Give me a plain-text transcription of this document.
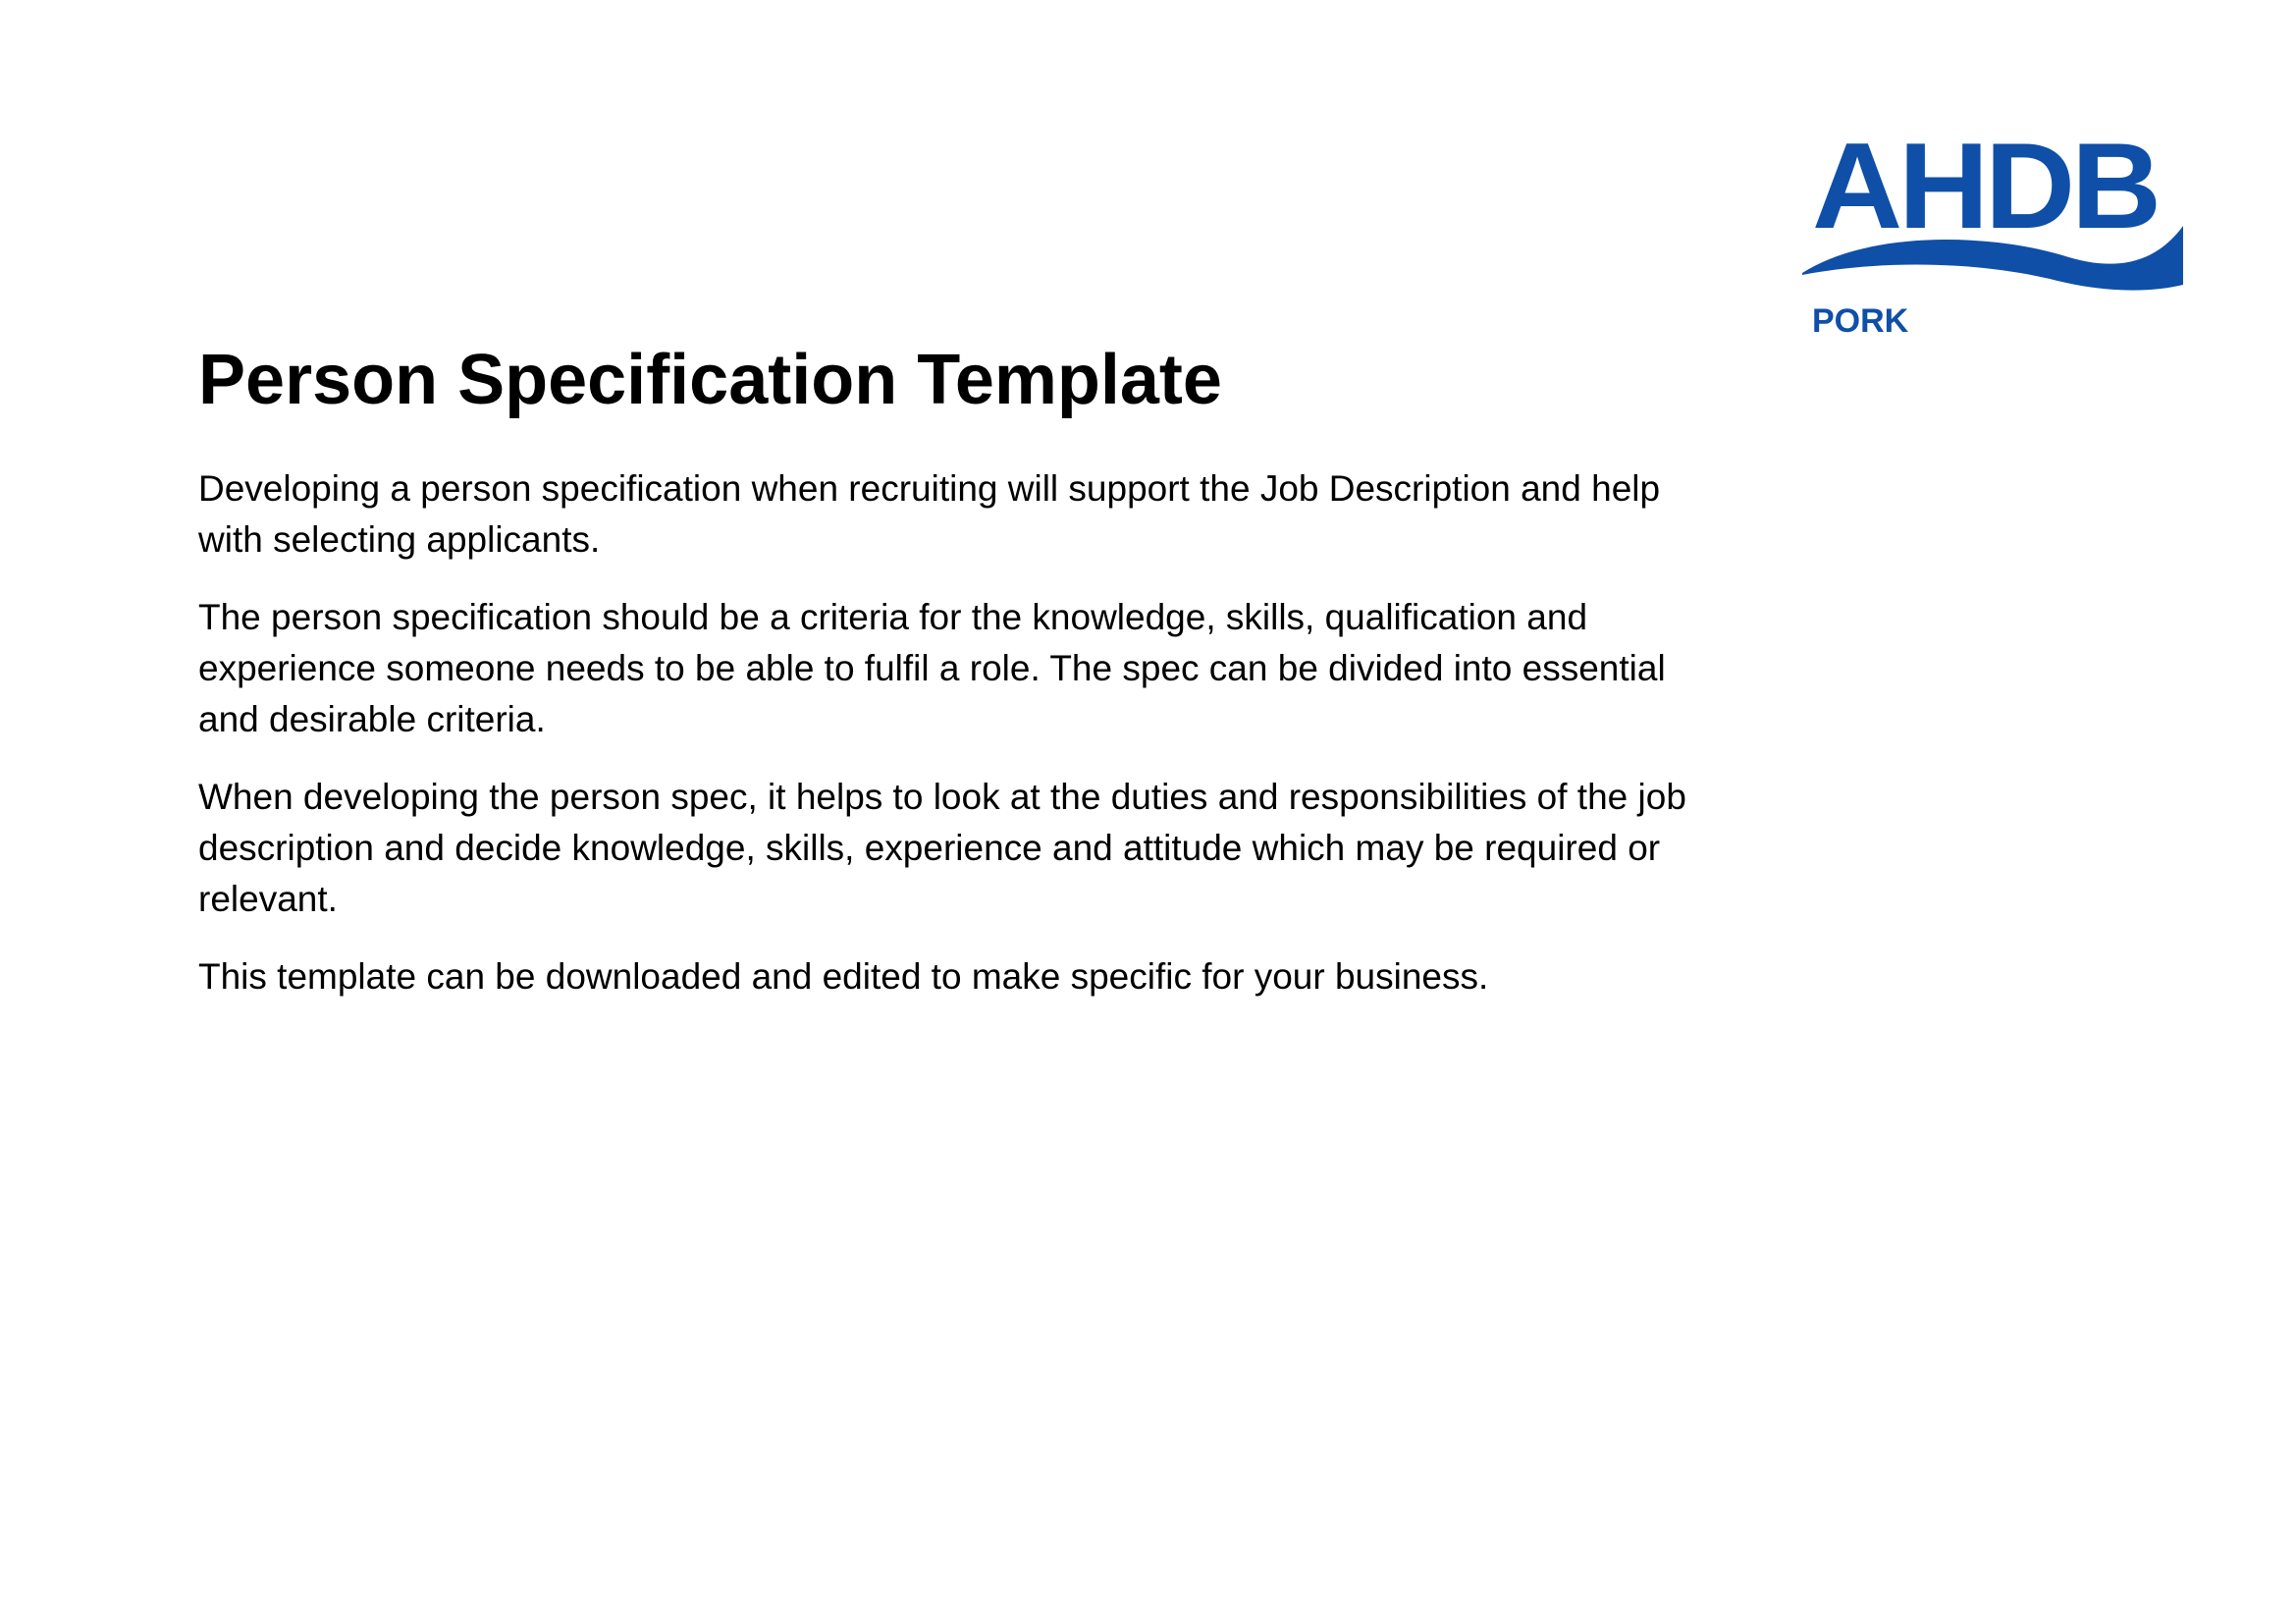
AHDB
PORK
Person Specification Template

Developing a person specification when recruiting will support the Job Description and help with selecting applicants.

The person specification should be a criteria for the knowledge, skills, qualification and experience someone needs to be able to fulfil a role. The spec can be divided into essential and desirable criteria.

When developing the person spec, it helps to look at the duties and responsibilities of the job description and decide knowledge, skills, experience and attitude which may be required or relevant.

This template can be downloaded and edited to make specific for your business.
